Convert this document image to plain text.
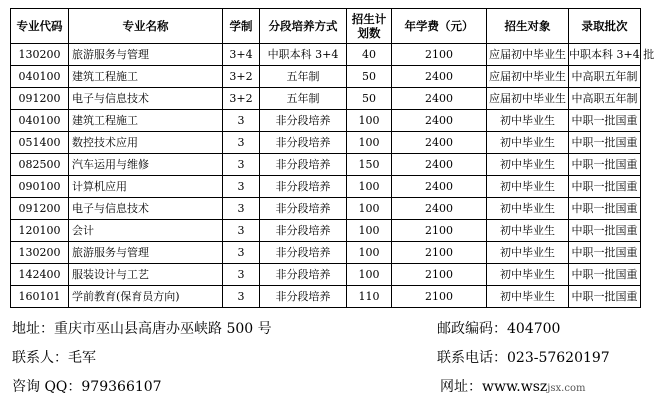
专业代码	专业名称	学制	分段培养方式	招生计划数	年学费（元）	招生对象	录取批次
130200	旅游服务与管理	3+4	中职本科 3+4	40	2100	应届初中毕业生	中职本科 3+4 批
040100	建筑工程施工	3+2	五年制	50	2400	应届初中毕业生	中高职五年制
091200	电子与信息技术	3+2	五年制	50	2400	应届初中毕业生	中高职五年制
040100	建筑工程施工	3	非分段培养	100	2400	初中毕业生	中职一批国重
051400	数控技术应用	3	非分段培养	100	2400	初中毕业生	中职一批国重
082500	汽车运用与维修	3	非分段培养	150	2400	初中毕业生	中职一批国重
090100	计算机应用	3	非分段培养	100	2400	初中毕业生	中职一批国重
091200	电子与信息技术	3	非分段培养	100	2400	初中毕业生	中职一批国重
120100	会计	3	非分段培养	100	2100	初中毕业生	中职一批国重
130200	旅游服务与管理	3	非分段培养	100	2100	初中毕业生	中职一批国重
142400	服装设计与工艺	3	非分段培养	100	2100	初中毕业生	中职一批国重
160101	学前教育(保育员方向)	3	非分段培养	110	2100	初中毕业生	中职一批国重
地址：重庆市巫山县高唐办巫峡路 500 号	邮政编码：404700
联系人：毛军	联系电话：023-57620197
咨询 QQ：979366107	网址：www.wszjsx.com
